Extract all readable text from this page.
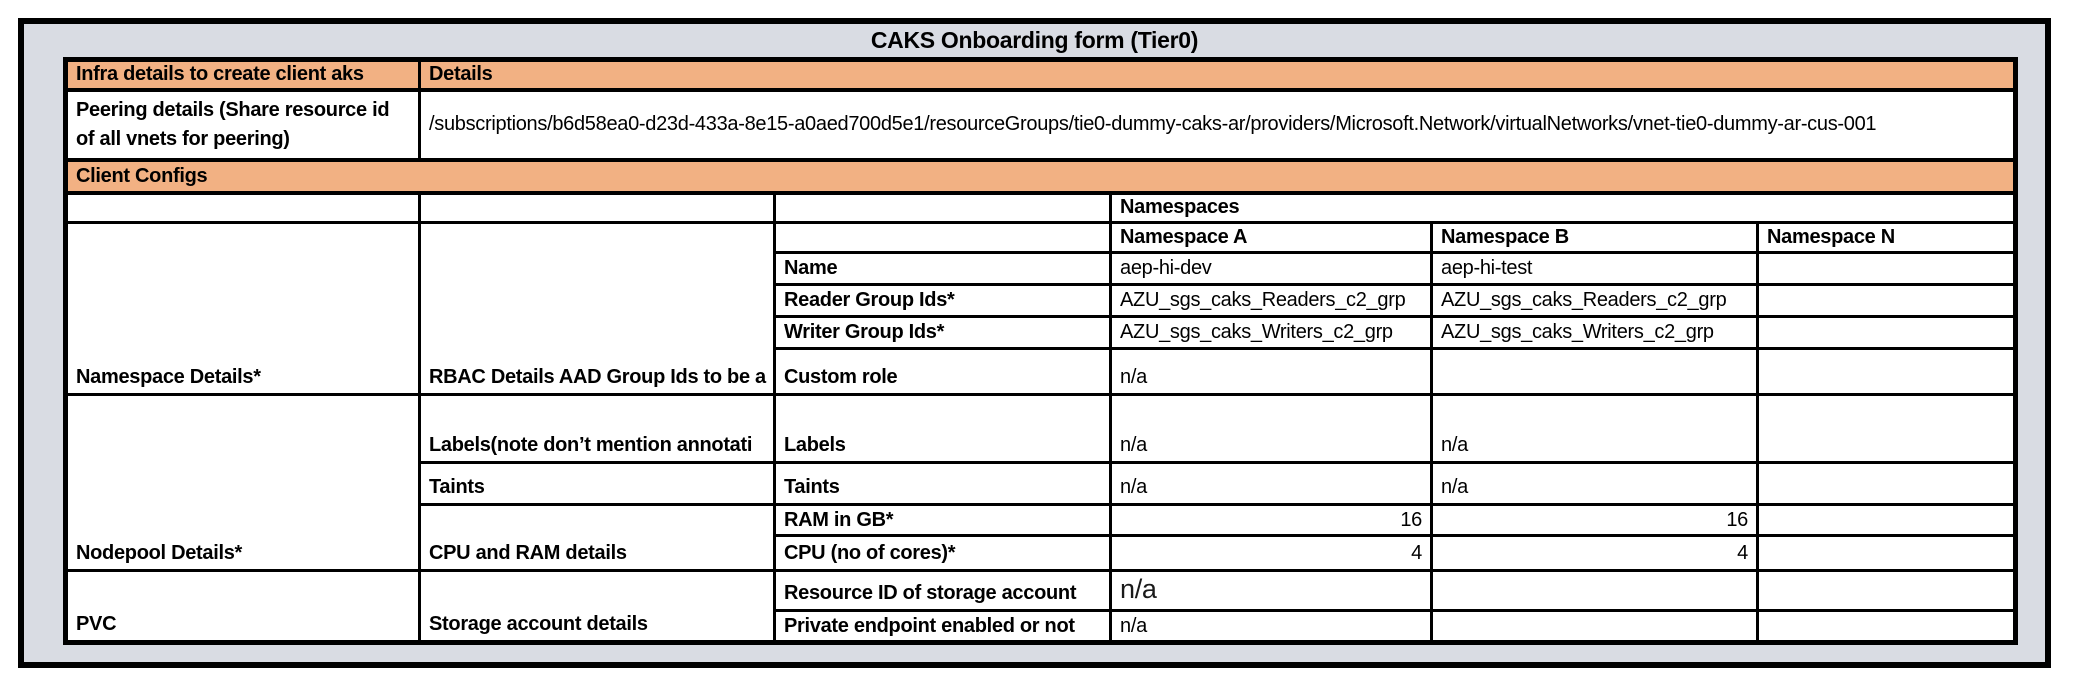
CAKS Onboarding form (Tier0)
Infra details to create client aks	Details				
Peering details (Share resource id of all vnets for peering)	/subscriptions/b6d58ea0-d23d-433a-8e15-a0aed700d5e1/resourceGroups/tie0-dummy-caks-ar/providers/Microsoft.Network/virtualNetworks/vnet-tie0-dummy-ar-cus-001				
Client Configs					
			Namespaces		
Namespace Details*	RBAC Details AAD Group Ids to be a		Namespace A	Namespace B	Namespace N
		Name	aep-hi-dev	aep-hi-test	
		Reader Group Ids*	AZU_sgs_caks_Readers_c2_grp	AZU_sgs_caks_Readers_c2_grp	
		Writer Group Ids*	AZU_sgs_caks_Writers_c2_grp	AZU_sgs_caks_Writers_c2_grp	
		Custom role	n/a		
Nodepool Details*	Labels(note don’t mention annotati	Labels	n/a	n/a	
	Taints	Taints	n/a	n/a	
	CPU and RAM details	RAM in GB*	16	16	
		CPU (no of cores)*	4	4	
PVC	Storage account details	Resource ID of storage account	n/a		
		Private endpoint enabled or not	n/a		
